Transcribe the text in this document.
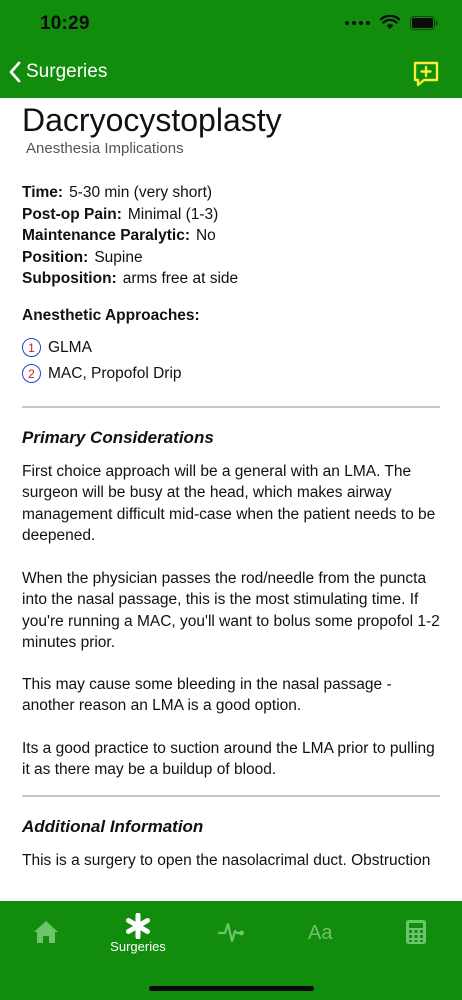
10:29
Surgeries
Dacryocystoplasty
Anesthesia Implications
Time: 5-30 min (very short)
Post-op Pain: Minimal (1-3)
Maintenance Paralytic: No
Position: Supine
Subposition: arms free at side
Anesthetic Approaches:
1 GLMA
2 MAC, Propofol Drip
Primary Considerations
First choice approach will be a general with an LMA. The surgeon will be busy at the head, which makes airway management difficult mid-case when the patient needs to be deepened.
When the physician passes the rod/needle from the puncta into the nasal passage, this is the most stimulating time. If you're running a MAC, you'll want to bolus some propofol 1-2 minutes prior.
This may cause some bleeding in the nasal passage - another reason an LMA is a good option.
Its a good practice to suction around the LMA prior to pulling it as there may be a buildup of blood.
Additional Information
This is a surgery to open the nasolacrimal duct. Obstruction
Surgeries
Aa
